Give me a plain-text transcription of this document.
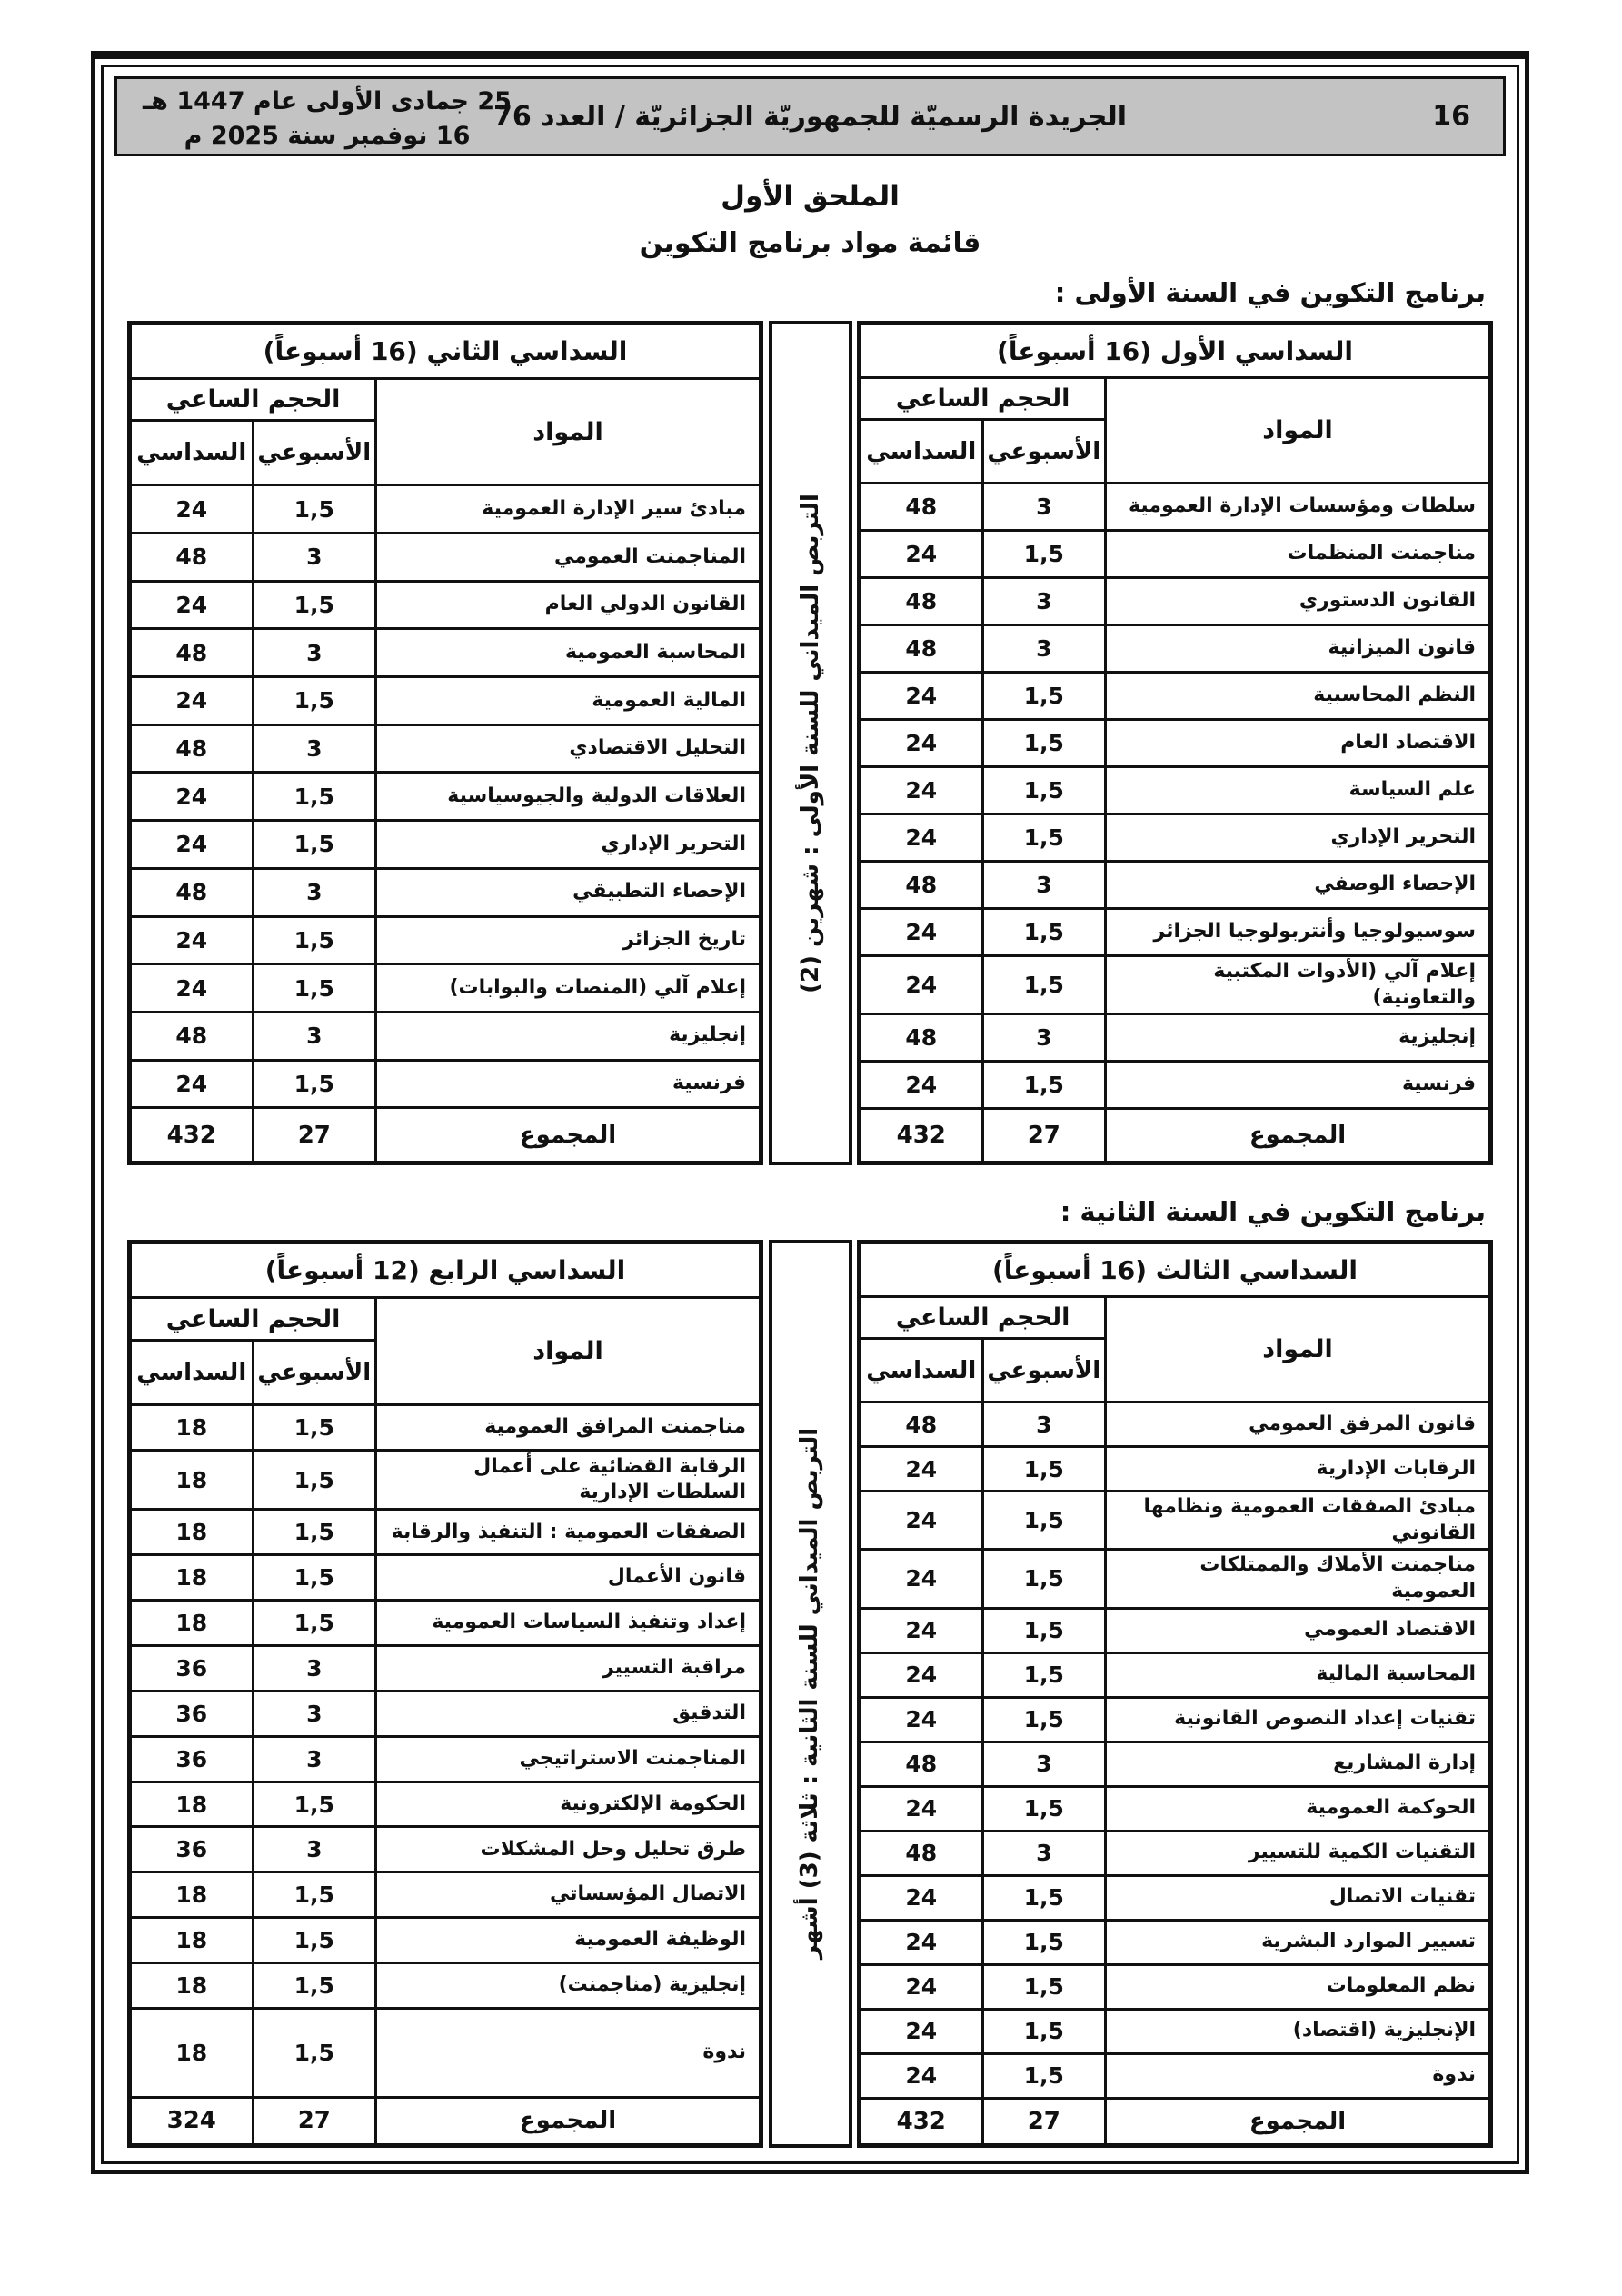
25 جمادى الأولى عام 1447 هـ
16 نوفمبر سنة 2025 م
الجريدة الرسميّة للجمهوريّة الجزائريّة / العدد 76	16
الملحق الأول
قائمة مواد برنامج التكوين
برنامج التكوين في السنة الأولى :
السداسي الأول (16 أسبوعاً)		
المواد	الحجم الساعي	
	الأسبوعي	السداسي
سلطات ومؤسسات الإدارة العمومية	3	48
مناجمنت المنظمات	1,5	24
القانون الدستوري	3	48
قانون الميزانية	3	48
النظم المحاسبية	1,5	24
الاقتصاد العام	1,5	24
علم السياسة	1,5	24
التحرير الإداري	1,5	24
الإحصاء الوصفي	3	48
سوسيولوجيا وأنتربولوجيا الجزائر	1,5	24
إعلام آلي (الأدوات المكتبية والتعاونية)	1,5	24
إنجليزية	3	48
فرنسية	1,5	24
المجموع	27	432
التربص الميداني للسنة الأولى : شهرين (2)
السداسي الثاني (16 أسبوعاً)		
المواد	الحجم الساعي	
	الأسبوعي	السداسي
مبادئ سير الإدارة العمومية	1,5	24
المناجمنت العمومي	3	48
القانون الدولي العام	1,5	24
المحاسبة العمومية	3	48
المالية العمومية	1,5	24
التحليل الاقتصادي	3	48
العلاقات الدولية والجيوسياسية	1,5	24
التحرير الإداري	1,5	24
الإحصاء التطبيقي	3	48
تاريخ الجزائر	1,5	24
إعلام آلي (المنصات والبوابات)	1,5	24
إنجليزية	3	48
فرنسية	1,5	24
المجموع	27	432
برنامج التكوين في السنة الثانية :
السداسي الثالث (16 أسبوعاً)		
المواد	الحجم الساعي	
	الأسبوعي	السداسي
قانون المرفق العمومي	3	48
الرقابات الإدارية	1,5	24
مبادئ الصفقات العمومية ونظامها القانوني	1,5	24
مناجمنت الأملاك والممتلكات العمومية	1,5	24
الاقتصاد العمومي	1,5	24
المحاسبة المالية	1,5	24
تقنيات إعداد النصوص القانونية	1,5	24
إدارة المشاريع	3	48
الحوكمة العمومية	1,5	24
التقنيات الكمية للتسيير	3	48
تقنيات الاتصال	1,5	24
تسيير الموارد البشرية	1,5	24
نظم المعلومات	1,5	24
الإنجليزية (اقتصاد)	1,5	24
ندوة	1,5	24
المجموع	27	432
التربص الميداني للسنة الثانية : ثلاثة (3) أشهر
السداسي الرابع (12 أسبوعاً)		
المواد	الحجم الساعي	
	الأسبوعي	السداسي
مناجمنت المرافق العمومية	1,5	18
الرقابة القضائية على أعمال السلطات الإدارية	1,5	18
الصفقات العمومية : التنفيذ والرقابة	1,5	18
قانون الأعمال	1,5	18
إعداد وتنفيذ السياسات العمومية	1,5	18
مراقبة التسيير	3	36
التدقيق	3	36
المناجمنت الاستراتيجي	3	36
الحكومة الإلكترونية	1,5	18
طرق تحليل وحل المشكلات	3	36
الاتصال المؤسساتي	1,5	18
الوظيفة العمومية	1,5	18
إنجليزية (مناجمنت)	1,5	18
ندوة	1,5	18
المجموع	27	324
